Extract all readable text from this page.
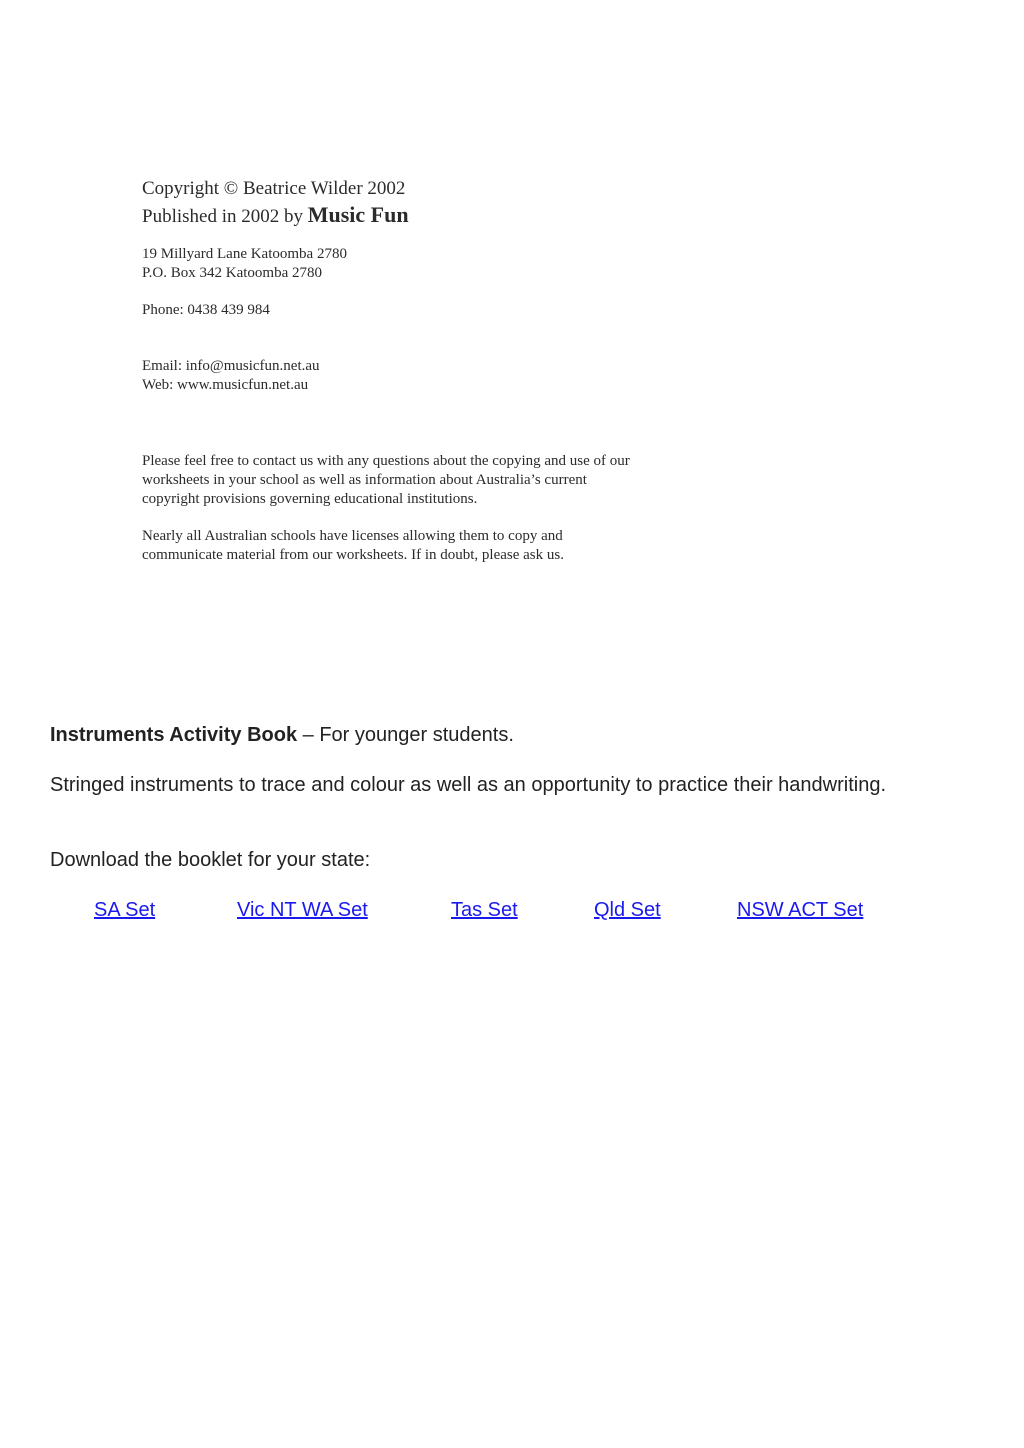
Copyright © Beatrice Wilder 2002
Published in 2002 by Music Fun
19 Millyard Lane Katoomba 2780
P.O. Box 342 Katoomba 2780
Phone: 0438 439 984
Email: info@musicfun.net.au
Web: www.musicfun.net.au
Please feel free to contact us with any questions about the copying and use of our
worksheets in your school as well as information about Australia’s current
copyright provisions governing educational institutions.
Nearly all Australian schools have licenses allowing them to copy and
communicate material from our worksheets. If in doubt, please ask us.
Instruments Activity Book – For younger students.
Stringed instruments to trace and colour as well as an opportunity to practice their handwriting.
Download the booklet for your state:
SA Set	Vic NT WA Set	Tas Set	Qld Set	NSW ACT Set
